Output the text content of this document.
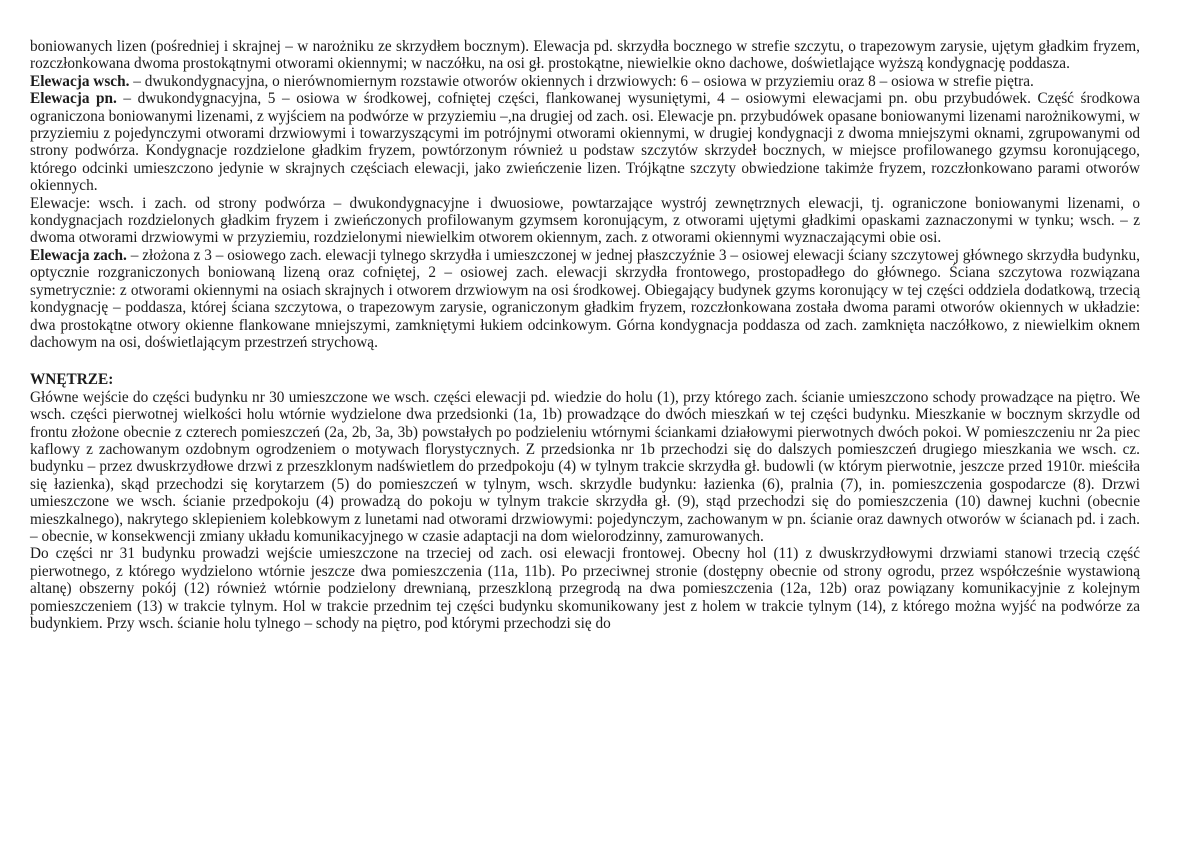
boniowanych lizen (pośredniej i skrajnej – w narożniku ze skrzydłem bocznym). Elewacja pd. skrzydła bocznego w strefie szczytu, o trapezowym zarysie, ujętym gładkim fryzem, rozczłonkowana dwoma prostokątnymi otworami okiennymi; w naczółku, na osi gł. prostokątne, niewielkie okno dachowe, doświetlające wyższą kondygnację poddasza.

Elewacja wsch. – dwukondygnacyjna, o nierównomiernym rozstawie otworów okiennych i drzwiowych: 6 – osiowa w przyziemiu oraz 8 – osiowa w strefie piętra.

Elewacja pn. – dwukondygnacyjna, 5 – osiowa w środkowej, cofniętej części, flankowanej wysuniętymi, 4 – osiowymi elewacjami pn. obu przybudówek. Część środkowa ograniczona boniowanymi lizenami, z wyjściem na podwórze w przyziemiu –,na drugiej od zach. osi. Elewacje pn. przybudówek opasane boniowanymi lizenami narożnikowymi, w przyziemiu z pojedynczymi otworami drzwiowymi i towarzyszącymi im potrójnymi otworami okiennymi, w drugiej kondygnacji z dwoma mniejszymi oknami, zgrupowanymi od strony podwórza. Kondygnacje rozdzielone gładkim fryzem, powtórzonym również u podstaw szczytów skrzydeł bocznych, w miejsce profilowanego gzymsu koronującego, którego odcinki umieszczono jedynie w skrajnych częściach elewacji, jako zwieńczenie lizen. Trójkątne szczyty obwiedzione takimże fryzem, rozczłonkowano parami otworów okiennych.

Elewacje: wsch. i zach. od strony podwórza – dwukondygnacyjne i dwuosiowe, powtarzające wystrój zewnętrznych elewacji, tj. ograniczone boniowanymi lizenami, o kondygnacjach rozdzielonych gładkim fryzem i zwieńczonych profilowanym gzymsem koronującym, z otworami ujętymi gładkimi opaskami zaznaczonymi w tynku; wsch. – z dwoma otworami drzwiowymi w przyziemiu, rozdzielonymi niewielkim otworem okiennym, zach. z otworami okiennymi wyznaczającymi obie osi.

Elewacja zach. – złożona z 3 – osiowego zach. elewacji tylnego skrzydła i umieszczonej w jednej płaszczyźnie 3 – osiowej elewacji ściany szczytowej głównego skrzydła budynku, optycznie rozgraniczonych boniowaną lizeną oraz cofniętej, 2 – osiowej zach. elewacji skrzydła frontowego, prostopadłego do głównego. Ściana szczytowa rozwiązana symetrycznie: z otworami okiennymi na osiach skrajnych i otworem drzwiowym na osi środkowej. Obiegający budynek gzyms koronujący w tej części oddziela dodatkową, trzecią kondygnację – poddasza, której ściana szczytowa, o trapezowym zarysie, ograniczonym gładkim fryzem, rozczłonkowana została dwoma parami otworów okiennych w układzie: dwa prostokątne otwory okienne flankowane mniejszymi, zamkniętymi łukiem odcinkowym. Górna kondygnacja poddasza od zach. zamknięta naczółkowo, z niewielkim oknem dachowym na osi, doświetlającym przestrzeń strychową.

WNĘTRZE:

Główne wejście do części budynku nr 30 umieszczone we wsch. części elewacji pd. wiedzie do holu (1), przy którego zach. ścianie umieszczono schody prowadzące na piętro. We wsch. części pierwotnej wielkości holu wtórnie wydzielone dwa przedsionki (1a, 1b) prowadzące do dwóch mieszkań w tej części budynku. Mieszkanie w bocznym skrzydle od frontu złożone obecnie z czterech pomieszczeń (2a, 2b, 3a, 3b) powstałych po podzieleniu wtórnymi ściankami działowymi pierwotnych dwóch pokoi. W pomieszczeniu nr 2a piec kaflowy z zachowanym ozdobnym ogrodzeniem o motywach florystycznych. Z przedsionka nr 1b przechodzi się do dalszych pomieszczeń drugiego mieszkania we wsch. cz. budynku – przez dwuskrzydłowe drzwi z przeszklonym nadświetlem do przedpokoju (4) w tylnym trakcie skrzydła gł. budowli (w którym pierwotnie, jeszcze przed 1910r. mieściła się łazienka), skąd przechodzi się korytarzem (5) do pomieszczeń w tylnym, wsch. skrzydle budynku: łazienka (6), pralnia (7), in. pomieszczenia gospodarcze (8). Drzwi umieszczone we wsch. ścianie przedpokoju (4) prowadzą do pokoju w tylnym trakcie skrzydła gł. (9), stąd przechodzi się do pomieszczenia (10) dawnej kuchni (obecnie mieszkalnego), nakrytego sklepieniem kolebkowym z lunetami nad otworami drzwiowymi: pojedynczym, zachowanym w pn. ścianie oraz dawnych otworów w ścianach pd. i zach. – obecnie, w konsekwencji zmiany układu komunikacyjnego w czasie adaptacji na dom wielorodzinny, zamurowanych.

Do części nr 31 budynku prowadzi wejście umieszczone na trzeciej od zach. osi elewacji frontowej. Obecny hol (11) z dwuskrzydłowymi drzwiami stanowi trzecią część pierwotnego, z którego wydzielono wtórnie jeszcze dwa pomieszczenia (11a, 11b). Po przeciwnej stronie (dostępny obecnie od strony ogrodu, przez współcześnie wystawioną altanę) obszerny pokój (12) również wtórnie podzielony drewnianą, przeszkloną przegrodą na dwa pomieszczenia (12a, 12b) oraz powiązany komunikacyjnie z kolejnym pomieszczeniem (13) w trakcie tylnym. Hol w trakcie przednim tej części budynku skomunikowany jest z holem w trakcie tylnym (14), z którego można wyjść na podwórze za budynkiem. Przy wsch. ścianie holu tylnego – schody na piętro, pod którymi przechodzi się do
